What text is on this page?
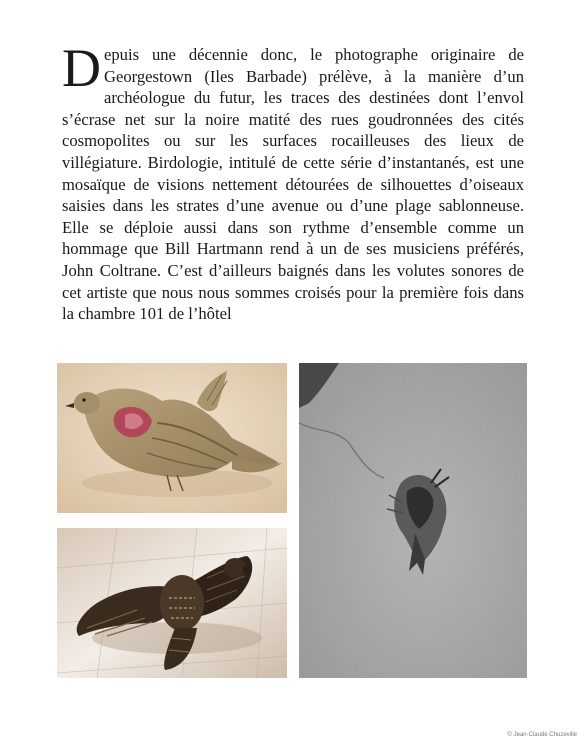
Depuis une décennie donc, le photographe originaire de Georgestown (Iles Barbade) prélève, à la manière d’un archéologue du futur, les traces des destinées dont l’envol s’écrase net sur la noire matité des rues goudronnées des cités cosmopolites ou sur les surfaces rocailleuses des lieux de villégiature. Birdologie, intitulé de cette série d’instantanés, est une mosaïque de visions nettement détourées de silhouettes d’oiseaux saisies dans les strates d’une avenue ou d’une plage sablonneuse. Elle se déploie aussi dans son rythme d’ensemble comme un hommage que Bill Hartmann rend à un de ses musiciens préférés, John Coltrane. C’est d’ailleurs baignés dans les volutes sonores de cet artiste que nous nous sommes croisés pour la première fois dans la chambre 101 de l’hôtel

© Jean-Claude Chuzeville
